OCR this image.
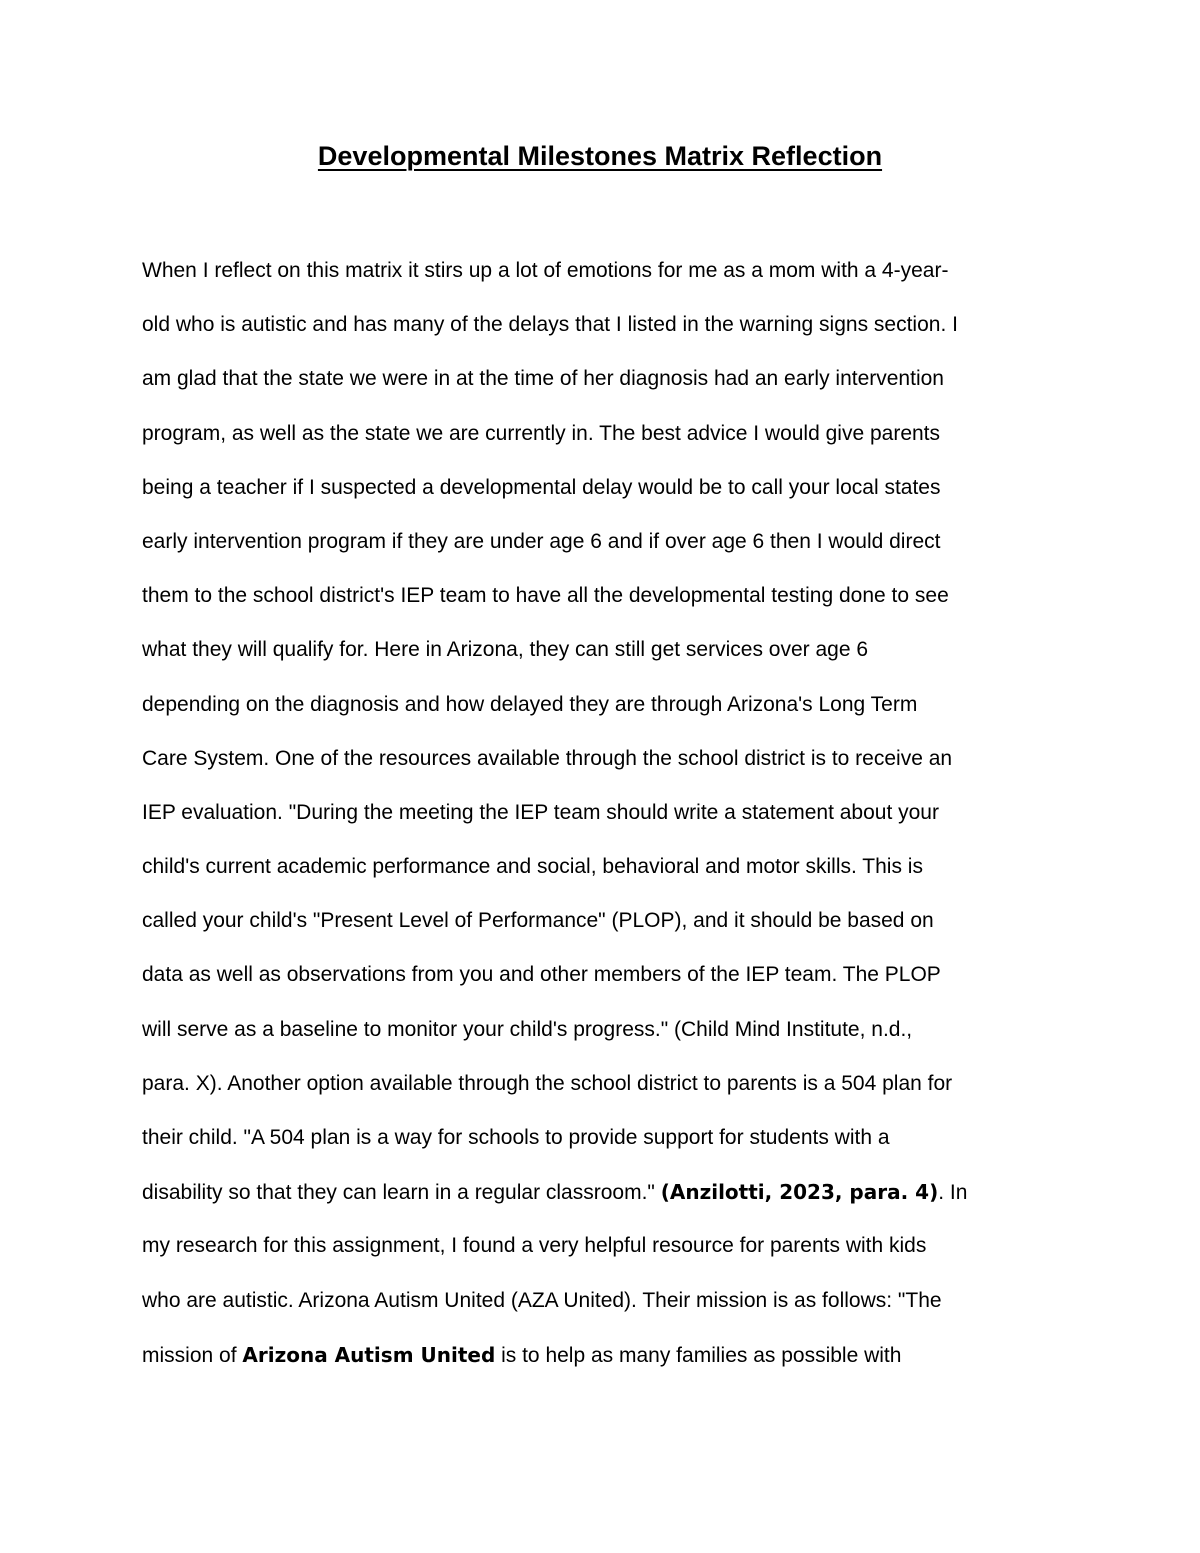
Developmental Milestones Matrix Reflection
When I reflect on this matrix it stirs up a lot of emotions for me as a mom with a 4-year-
old who is autistic and has many of the delays that I listed in the warning signs section. I
am glad that the state we were in at the time of her diagnosis had an early intervention
program, as well as the state we are currently in. The best advice I would give parents
being a teacher if I suspected a developmental delay would be to call your local states
early intervention program if they are under age 6 and if over age 6 then I would direct
them to the school district's IEP team to have all the developmental testing done to see
what they will qualify for. Here in Arizona, they can still get services over age 6
depending on the diagnosis and how delayed they are through Arizona's Long Term
Care System. One of the resources available through the school district is to receive an
IEP evaluation. "During the meeting the IEP team should write a statement about your
child's current academic performance and social, behavioral and motor skills. This is
called your child's "Present Level of Performance" (PLOP), and it should be based on
data as well as observations from you and other members of the IEP team. The PLOP
will serve as a baseline to monitor your child's progress." (Child Mind Institute, n.d.,
para. X). Another option available through the school district to parents is a 504 plan for
their child. "A 504 plan is a way for schools to provide support for students with a
disability so that they can learn in a regular classroom." (Anzilotti, 2023, para. 4). In
my research for this assignment, I found a very helpful resource for parents with kids
who are autistic. Arizona Autism United (AZA United). Their mission is as follows: "The
mission of Arizona Autism United is to help as many families as possible with
